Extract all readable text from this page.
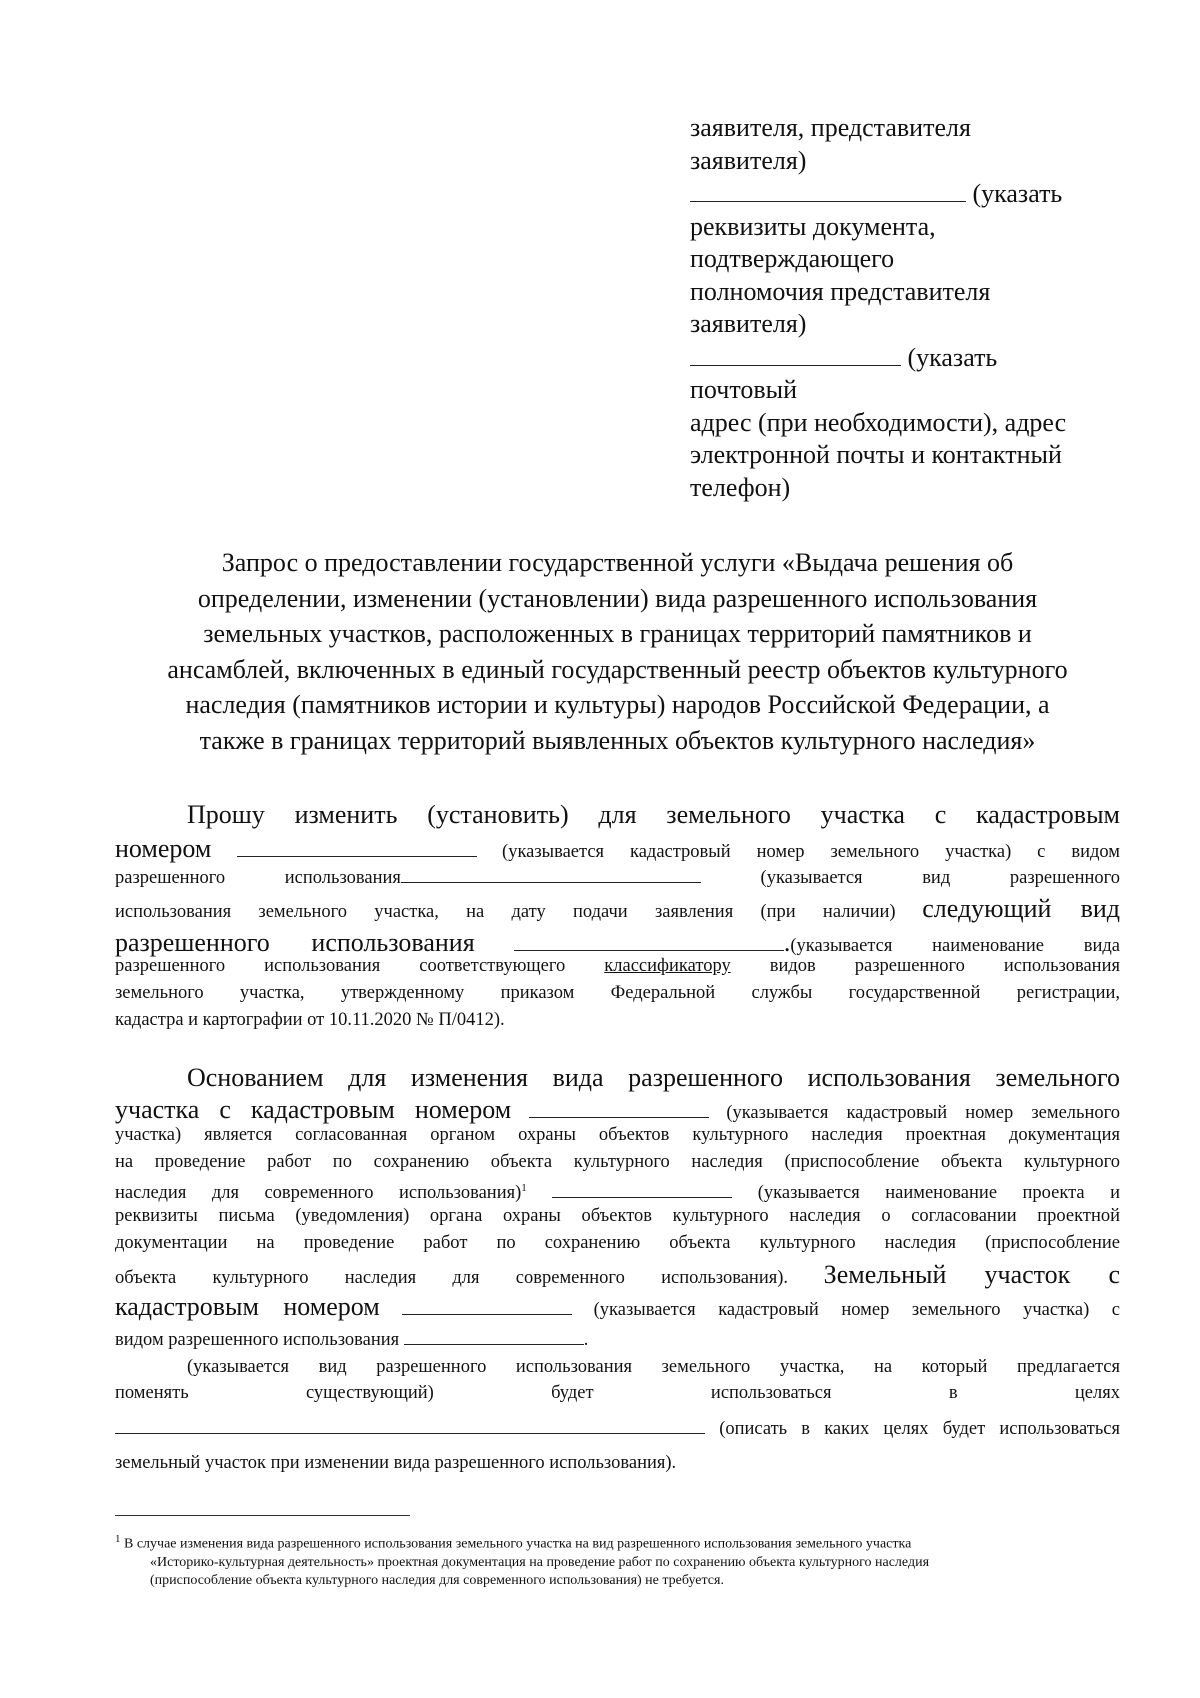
заявителя, представителя
заявителя)
(указать
реквизиты документа,
подтверждающего
полномочия представителя
заявителя)
(указать
почтовый
адрес (при необходимости), адрес
электронной почты и контактный
телефон)
Запрос о предоставлении государственной услуги «Выдача решения об
определении, изменении (установлении) вида разрешенного использования
земельных участков, расположенных в границах территорий памятников и
ансамблей, включенных в единый государственный реестр объектов культурного
наследия (памятников истории и культуры) народов Российской Федерации, а
также в границах территорий выявленных объектов культурного наследия»
Прошу изменить (установить) для земельного участка с кадастровым
номером	(указывается кадастровый номер земельного участка) с видом
разрешенного использования	(указывается вид разрешенного
использования земельного участка, на дату подачи заявления (при наличии) следующий вид
разрешенного использования	.(указывается наименование вида
разрешенного использования соответствующего классификатору видов разрешенного использования
земельного участка, утвержденному приказом Федеральной службы государственной регистрации,
кадастра и картографии от 10.11.2020 № П/0412).
Основанием для изменения вида разрешенного использования земельного
участка с кадастровым номером	(указывается кадастровый номер земельного
участка) является согласованная органом охраны объектов культурного наследия проектная документация
на проведение работ по сохранению объекта культурного наследия (приспособление объекта культурного
наследия для современного использования)$^1$	(указывается наименование проекта и
реквизиты письма (уведомления) органа охраны объектов культурного наследия о согласовании проектной
документации на проведение работ по сохранению объекта культурного наследия (приспособление
объекта культурного наследия для современного использования). Земельный участок с
кадастровым номером	(указывается кадастровый номер земельного участка) с
видом разрешенного использования	.
(указывается вид разрешенного использования земельного участка, на который предлагается
поменять существующий) будет использоваться в целях
(описать в каких целях будет использоваться
земельный участок при изменении вида разрешенного использования).
$^1$ В случае изменения вида разрешенного использования земельного участка на вид разрешенного использования земельного участка
«Историко-культурная деятельность» проектная документация на проведение работ по сохранению объекта культурного наследия
(приспособление объекта культурного наследия для современного использования) не требуется.
